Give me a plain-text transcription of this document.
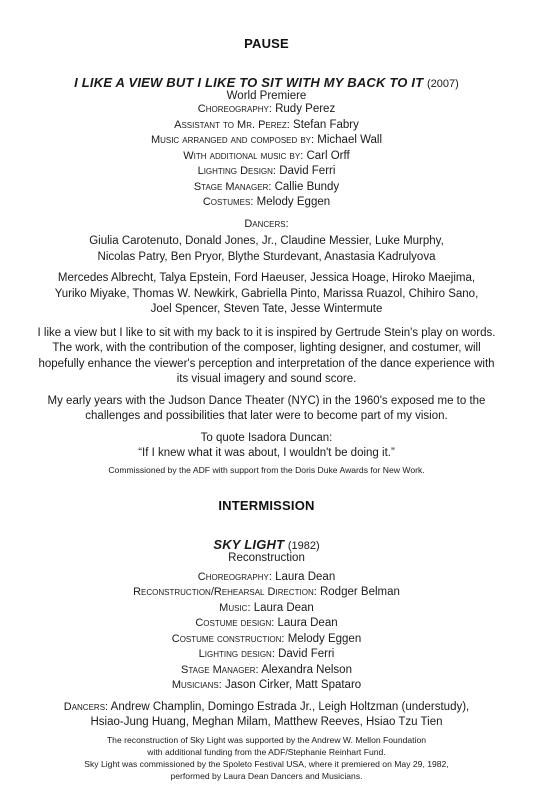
PAUSE

I LIKE A VIEW BUT I LIKE TO SIT WITH MY BACK TO IT (2007)

World Premiere

Choreography: Rudy Perez

Assistant to Mr. Perez: Stefan Fabry

Music arranged and composed by: Michael Wall

With additional music by: Carl Orff

Lighting Design: David Ferri

Stage Manager: Callie Bundy

Costumes: Melody Eggen

Dancers:

Giulia Carotenuto, Donald Jones, Jr., Claudine Messier, Luke Murphy,

Nicolas Patry, Ben Pryor, Blythe Sturdevant, Anastasia Kadrulyova

Mercedes Albrecht, Talya Epstein, Ford Haeuser, Jessica Hoage, Hiroko Maejima,

Yuriko Miyake, Thomas W. Newkirk, Gabriella Pinto, Marissa Ruazol, Chihiro Sano,

Joel Spencer, Steven Tate, Jesse Wintermute

I like a view but I like to sit with my back to it is inspired by Gertrude Stein's play on words.

The work, with the contribution of the composer, lighting designer, and costumer, will

hopefully enhance the viewer's perception and interpretation of the dance experience with

its visual imagery and sound score.

My early years with the Judson Dance Theater (NYC) in the 1960's exposed me to the

challenges and possibilities that later were to become part of my vision.

To quote Isadora Duncan:

“If I knew what it was about, I wouldn't be doing it.”

Commissioned by the ADF with support from the Doris Duke Awards for New Work.

INTERMISSION

SKY LIGHT (1982)

Reconstruction

Choreography: Laura Dean

Reconstruction/Rehearsal Direction: Rodger Belman

Music: Laura Dean

Costume design: Laura Dean

Costume construction: Melody Eggen

Lighting design: David Ferri

Stage Manager: Alexandra Nelson

Musicians: Jason Cirker, Matt Spataro

Dancers: Andrew Champlin, Domingo Estrada Jr., Leigh Holtzman (understudy),

Hsiao-Jung Huang, Meghan Milam, Matthew Reeves, Hsiao Tzu Tien

The reconstruction of Sky Light was supported by the Andrew W. Mellon Foundation

with additional funding from the ADF/Stephanie Reinhart Fund.

Sky Light was commissioned by the Spoleto Festival USA, where it premiered on May 29, 1982,

performed by Laura Dean Dancers and Musicians.
